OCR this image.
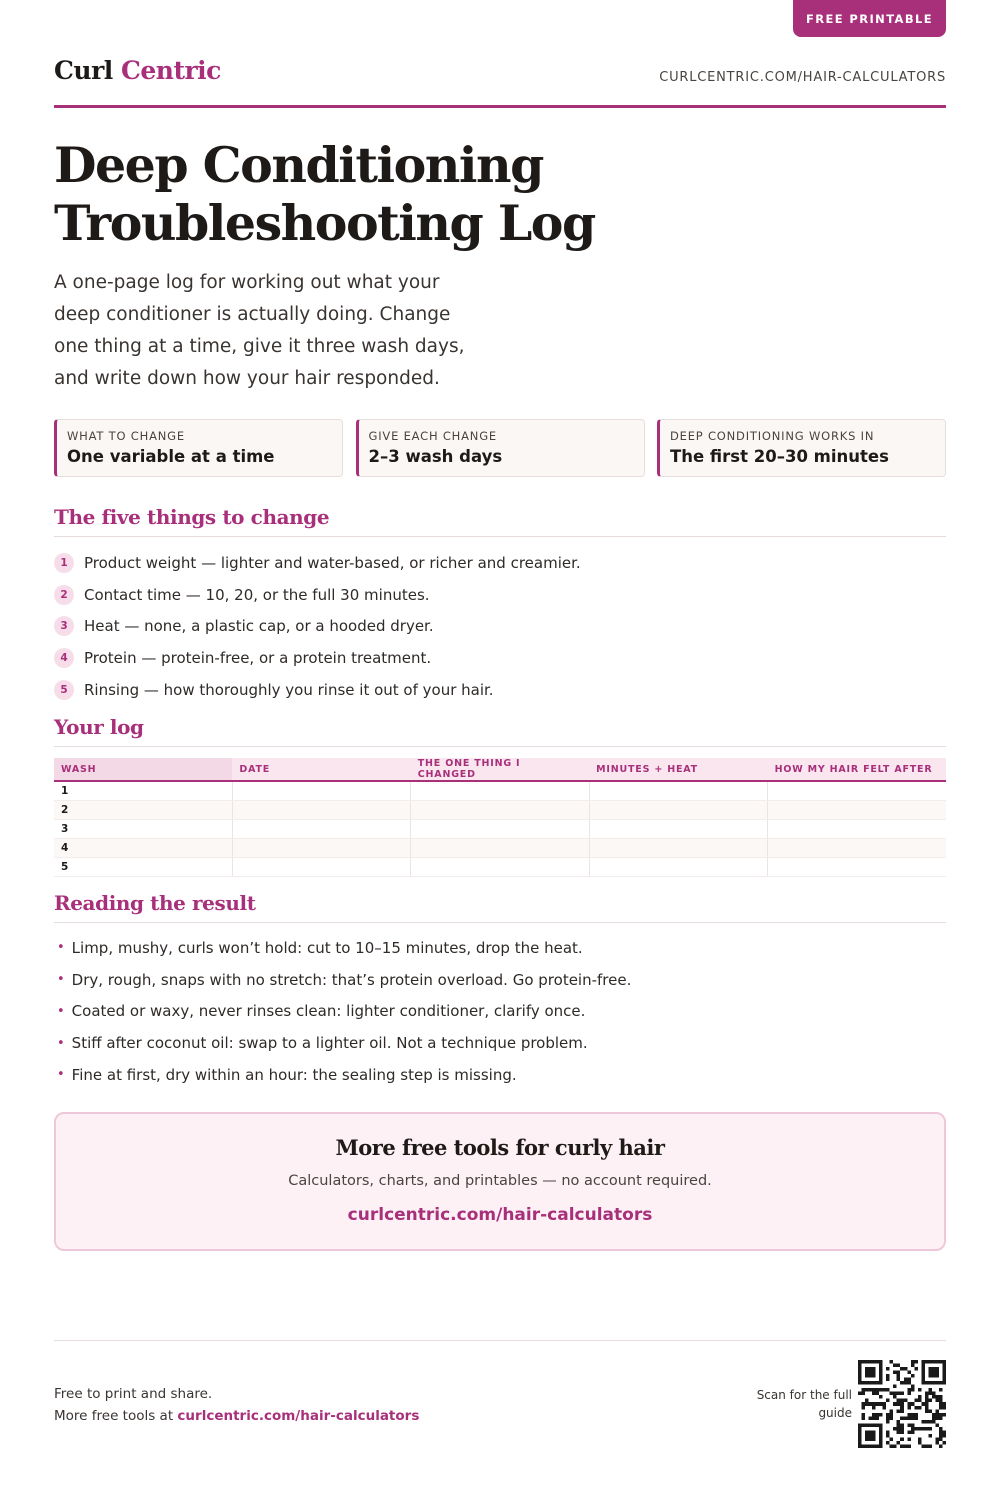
FREE PRINTABLE
Curl Centric	CURLCENTRIC.COM/HAIR-CALCULATORS
Deep Conditioning
Troubleshooting Log

A one-page log for working out what your deep conditioner is actually doing. Change one thing at a time, give it three wash days, and write down how your hair responded.

WHAT TO CHANGE
One variable at a time
GIVE EACH CHANGE
2–3 wash days
DEEP CONDITIONING WORKS IN
The first 20–30 minutes
The five things to change
1	Product weight — lighter and water-based, or richer and creamier.
2	Contact time — 10, 20, or the full 30 minutes.
3	Heat — none, a plastic cap, or a hooded dryer.
4	Protein — protein-free, or a protein treatment.
5	Rinsing — how thoroughly you rinse it out of your hair.
Your log
WASH	DATE	THE ONE THING I CHANGED	MINUTES + HEAT	HOW MY HAIR FELT AFTER
1				
2				
3				
4				
5				
Reading the result
• Limp, mushy, curls won’t hold: cut to 10–15 minutes, drop the heat.
• Dry, rough, snaps with no stretch: that’s protein overload. Go protein-free.
• Coated or waxy, never rinses clean: lighter conditioner, clarify once.
• Stiff after coconut oil: swap to a lighter oil. Not a technique problem.
• Fine at first, dry within an hour: the sealing step is missing.
More free tools for curly hair
Calculators, charts, and printables — no account required.
curlcentric.com/hair-calculators
Free to print and share.
More free tools at curlcentric.com/hair-calculators
Scan for the full guide
